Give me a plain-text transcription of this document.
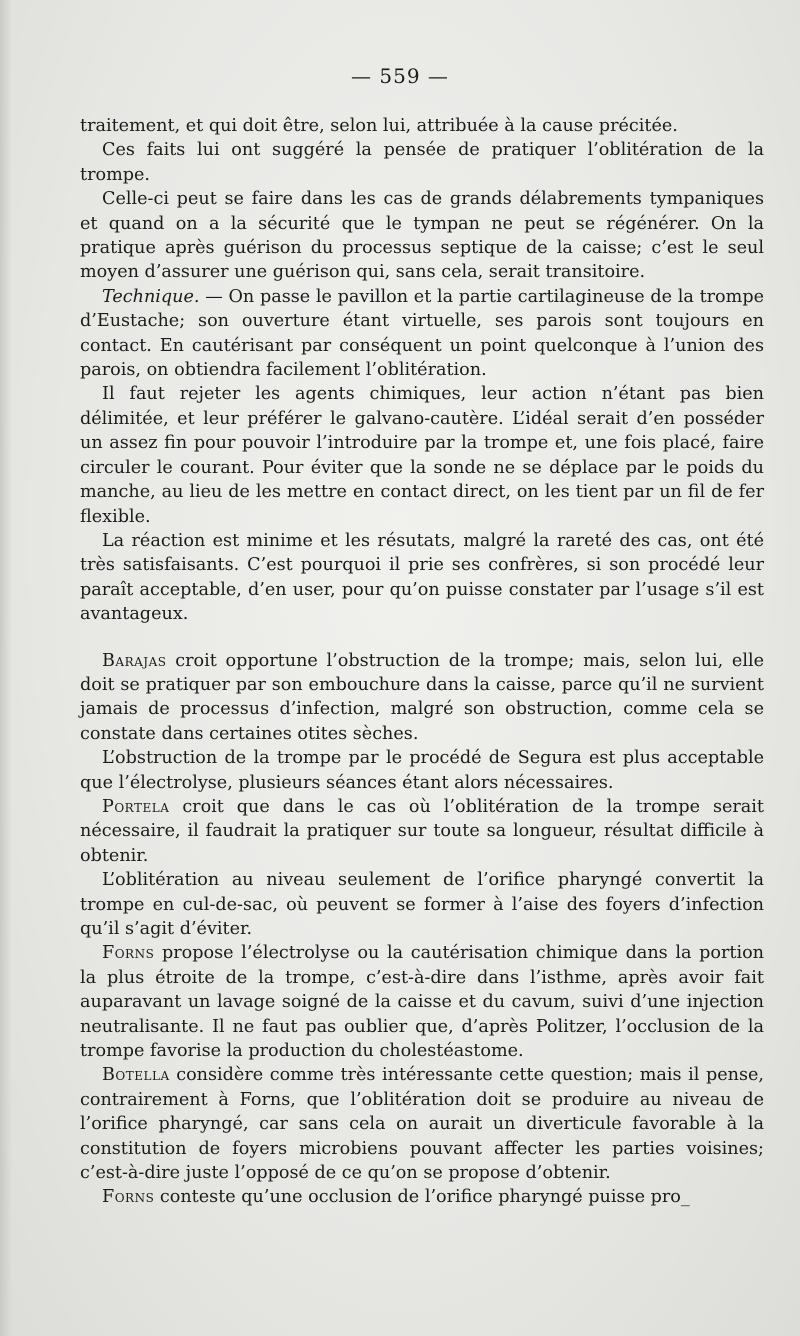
— 559 —

traitement, et qui doit être, selon lui, attribuée à la cause précitée.

Ces faits lui ont suggéré la pensée de pratiquer l’oblitération de la trompe.

Celle-ci peut se faire dans les cas de grands délabrements tympaniques et quand on a la sécurité que le tympan ne peut se régénérer. On la pratique après guérison du processus septique de la caisse; c’est le seul moyen d’assurer une guérison qui, sans cela, serait transitoire.

Technique. — On passe le pavillon et la partie cartilagineuse de la trompe d’Eustache; son ouverture étant virtuelle, ses parois sont toujours en contact. En cautérisant par conséquent un point quelconque à l’union des parois, on obtiendra facilement l’oblitération.

Il faut rejeter les agents chimiques, leur action n’étant pas bien délimitée, et leur préférer le galvano-cautère. L’idéal serait d’en posséder un assez fin pour pouvoir l’introduire par la trompe et, une fois placé, faire circuler le courant. Pour éviter que la sonde ne se déplace par le poids du manche, au lieu de les mettre en contact direct, on les tient par un fil de fer flexible.

La réaction est minime et les résutats, malgré la rareté des cas, ont été très satisfaisants. C’est pourquoi il prie ses confrères, si son procédé leur paraît acceptable, d’en user, pour qu’on puisse constater par l’usage s’il est avantageux.

Barajas croit opportune l’obstruction de la trompe; mais, selon lui, elle doit se pratiquer par son embouchure dans la caisse, parce qu’il ne survient jamais de processus d’infection, malgré son obstruction, comme cela se constate dans certaines otites sèches.

L’obstruction de la trompe par le procédé de Segura est plus acceptable que l’électrolyse, plusieurs séances étant alors nécessaires.

Portela croit que dans le cas où l’oblitération de la trompe serait nécessaire, il faudrait la pratiquer sur toute sa longueur, résultat difficile à obtenir.

L’oblitération au niveau seulement de l’orifice pharyngé convertit la trompe en cul-de-sac, où peuvent se former à l’aise des foyers d’infection qu’il s’agit d’éviter.

Forns propose l’électrolyse ou la cautérisation chimique dans la portion la plus étroite de la trompe, c’est-à-dire dans l’isthme, après avoir fait auparavant un lavage soigné de la caisse et du cavum, suivi d’une injection neutralisante. Il ne faut pas oublier que, d’après Politzer, l’occlusion de la trompe favorise la production du cholestéastome.

Botella considère comme très intéressante cette question; mais il pense, contrairement à Forns, que l’oblitération doit se produire au niveau de l’orifice pharyngé, car sans cela on aurait un diverticule favorable à la constitution de foyers microbiens pouvant affecter les parties voisines; c’est-à-dire juste l’opposé de ce qu’on se propose d’obtenir.

Forns conteste qu’une occlusion de l’orifice pharyngé puisse pro_
